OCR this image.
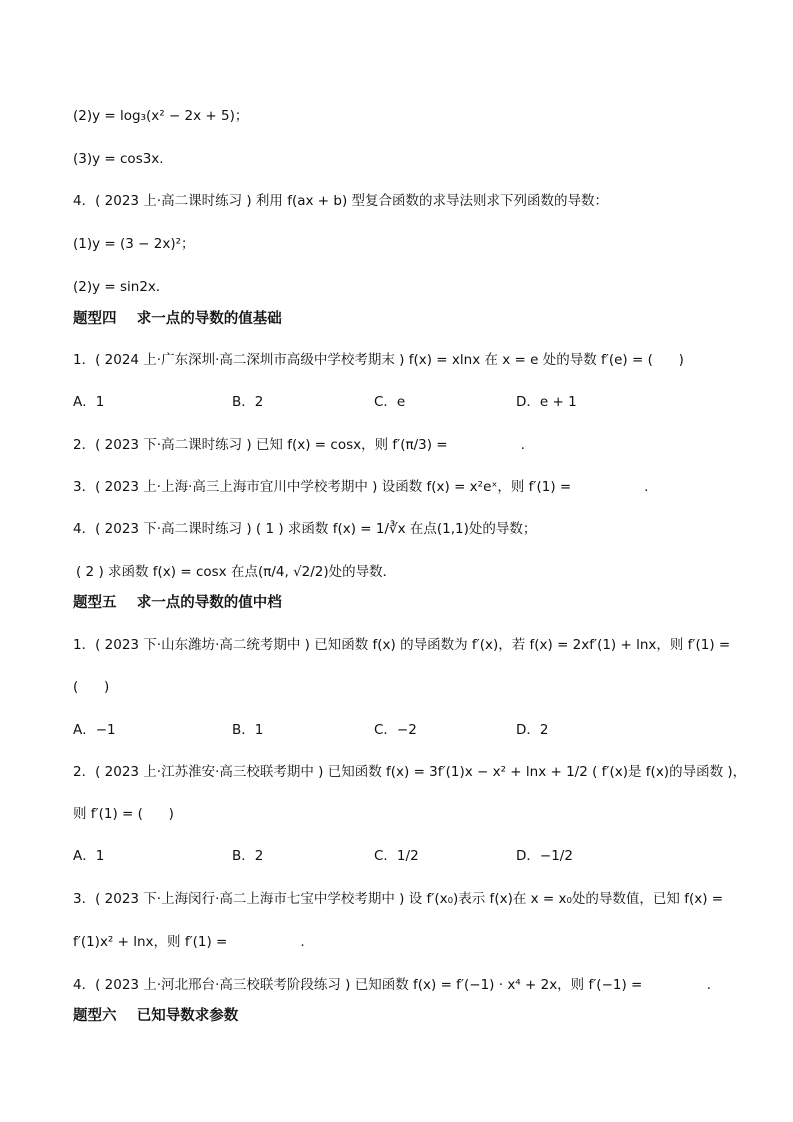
(2)y = log₃(x² − 2x + 5)；
(3)y = cos3x.
4．( 2023 上·高二课时练习 ) 利用 f(ax + b) 型复合函数的求导法则求下列函数的导数：
(1)y = (3 − 2x)²；
(2)y = sin2x．
题型四    求一点的导数的值基础
1．( 2024 上·广东深圳·高二深圳市高级中学校考期末 ) f(x) = xlnx 在 x = e 处的导数 f′(e) = (      )
A．1	B．2	C．e	D．e + 1
2．( 2023 下·高二课时练习 ) 已知 f(x) = cosx，则 f′(π/3) =                 .
3．( 2023 上·上海·高三上海市宜川中学校考期中 ) 设函数 f(x) = x²eˣ，则 f′(1) =                 .
4．( 2023 下·高二课时练习 ) ( 1 ) 求函数 f(x) = 1/∛x 在点(1,1)处的导数；
( 2 ) 求函数 f(x) = cosx 在点(π/4, √2/2)处的导数．
题型五    求一点的导数的值中档
1．( 2023 下·山东潍坊·高二统考期中 ) 已知函数 f(x) 的导函数为 f′(x)，若 f(x) = 2xf′(1) + lnx，则 f′(1) =
(      )
A．−1	B．1	C．−2	D．2
2．( 2023 上·江苏淮安·高三校联考期中 ) 已知函数 f(x) = 3f′(1)x − x² + lnx + 1/2 ( f′(x)是 f(x)的导函数 )，
则 f′(1) = (      )
A．1	B．2	C．1/2	D．−1/2
3．( 2023 下·上海闵行·高二上海市七宝中学校考期中 ) 设 f′(x₀)表示 f(x)在 x = x₀处的导数值，已知 f(x) =
f′(1)x² + lnx，则 f′(1) =                 .
4．( 2023 上·河北邢台·高三校联考阶段练习 ) 已知函数 f(x) = f′(−1) · x⁴ + 2x，则 f′(−1) =               .
题型六    已知导数求参数
